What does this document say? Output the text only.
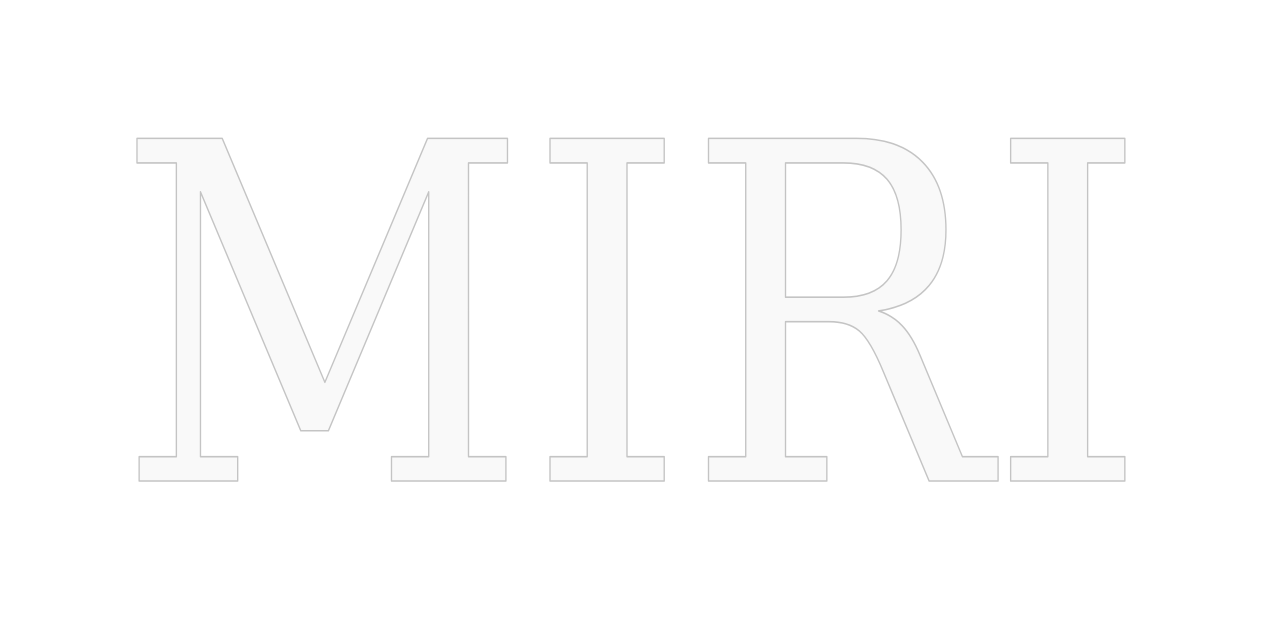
MIRI
